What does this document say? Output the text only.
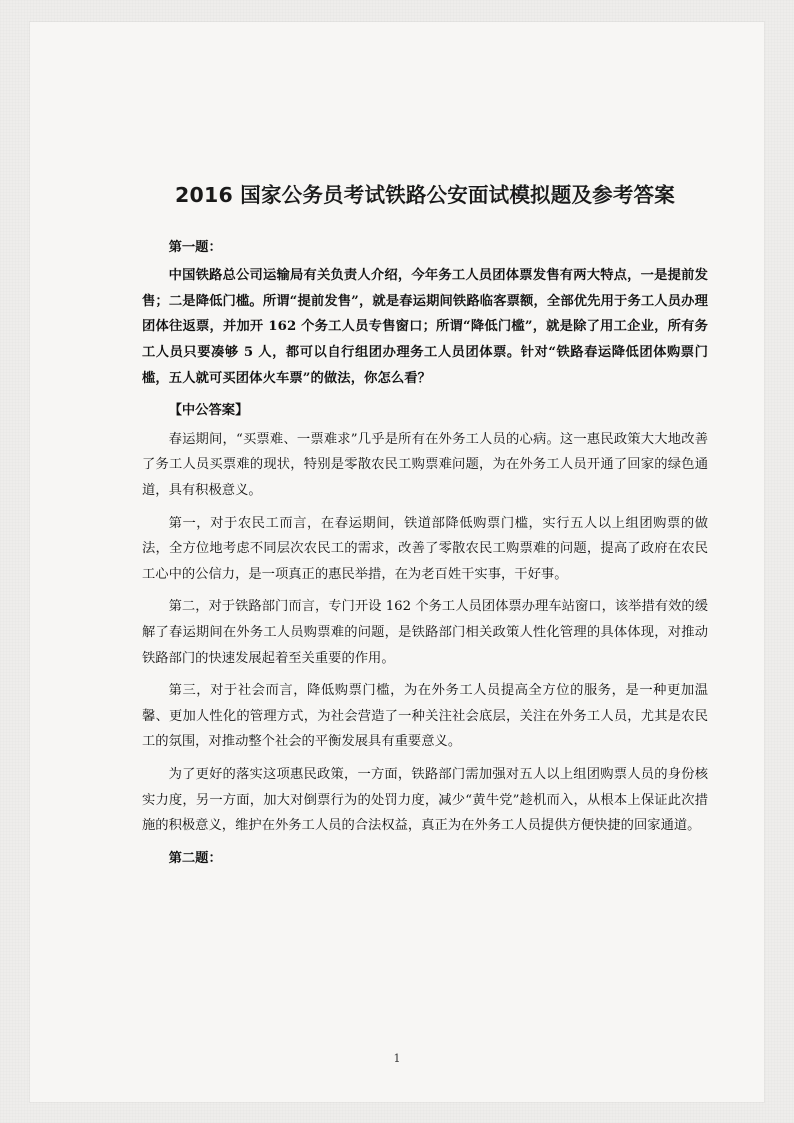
2016 国家公务员考试铁路公安面试模拟题及参考答案

第一题：

中国铁路总公司运输局有关负责人介绍，今年务工人员团体票发售有两大特点，一是提前发售；二是降低门槛。所谓“提前发售”，就是春运期间铁路临客票额，全部优先用于务工人员办理团体往返票，并加开 162 个务工人员专售窗口；所谓“降低门槛”，就是除了用工企业，所有务工人员只要凑够 5 人，都可以自行组团办理务工人员团体票。针对“铁路春运降低团体购票门槛，五人就可买团体火车票”的做法，你怎么看？

【中公答案】

春运期间，“买票难、一票难求”几乎是所有在外务工人员的心病。这一惠民政策大大地改善了务工人员买票难的现状，特别是零散农民工购票难问题，为在外务工人员开通了回家的绿色通道，具有积极意义。

第一，对于农民工而言，在春运期间，铁道部降低购票门槛，实行五人以上组团购票的做法，全方位地考虑不同层次农民工的需求，改善了零散农民工购票难的问题，提高了政府在农民工心中的公信力，是一项真正的惠民举措，在为老百姓干实事，干好事。

第二，对于铁路部门而言，专门开设 162 个务工人员团体票办理车站窗口，该举措有效的缓解了春运期间在外务工人员购票难的问题，是铁路部门相关政策人性化管理的具体体现，对推动铁路部门的快速发展起着至关重要的作用。

第三，对于社会而言，降低购票门槛，为在外务工人员提高全方位的服务，是一种更加温馨、更加人性化的管理方式，为社会营造了一种关注社会底层，关注在外务工人员，尤其是农民工的氛围，对推动整个社会的平衡发展具有重要意义。

为了更好的落实这项惠民政策，一方面，铁路部门需加强对五人以上组团购票人员的身份核实力度，另一方面，加大对倒票行为的处罚力度，减少“黄牛党”趁机而入，从根本上保证此次措施的积极意义，维护在外务工人员的合法权益，真正为在外务工人员提供方便快捷的回家通道。

第二题：

1
